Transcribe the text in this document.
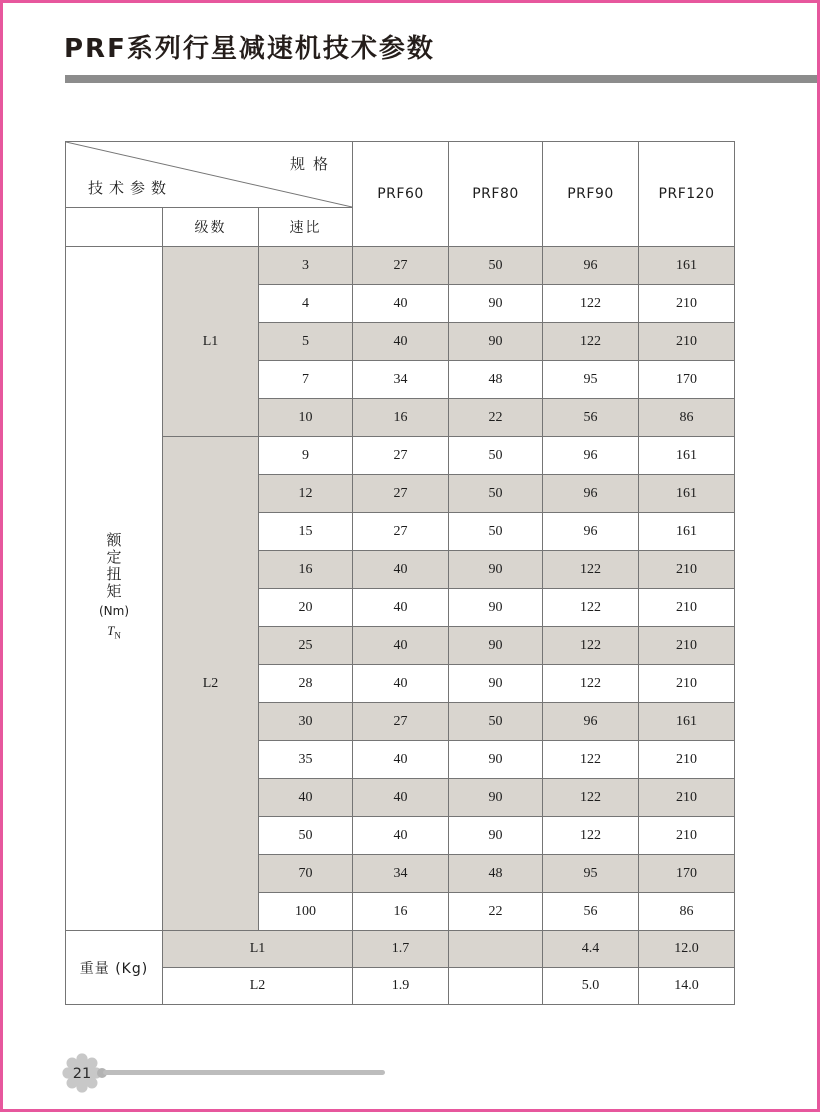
PRF系列行星减速机技术参数
规格
技术参数			PRF60	PRF80	PRF90	PRF120
	级数	速比				

额
定
扭
矩
(Nm)
$T_N$
	L1	3	27	50	96	161
		4	40	90	122	210
		5	40	90	122	210
		7	34	48	95	170
		10	16	22	56	86
	L2	9	27	50	96	161
		12	27	50	96	161
		15	27	50	96	161
		16	40	90	122	210
		20	40	90	122	210
		25	40	90	122	210
		28	40	90	122	210
		30	27	50	96	161
		35	40	90	122	210
		40	40	90	122	210
		50	40	90	122	210
		70	34	48	95	170
		100	16	22	56	86
重量 (Kg)	L1		1.7		4.4	12.0
	L2		1.9		5.0	14.0
21
